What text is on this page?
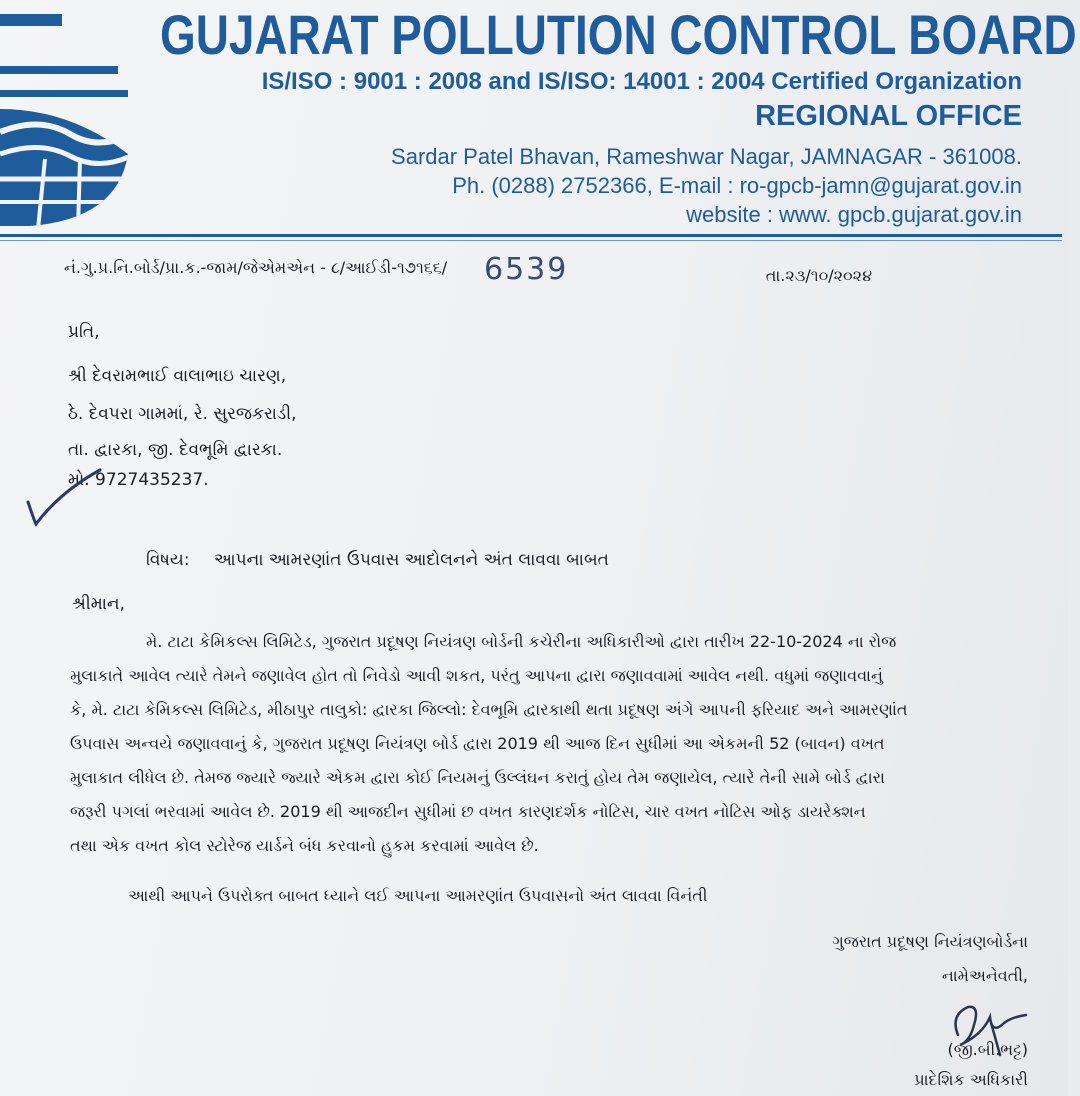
GUJARAT POLLUTION CONTROL BOARD
IS/ISO : 9001 : 2008 and IS/ISO: 14001 : 2004 Certified Organization
REGIONAL OFFICE
Sardar Patel Bhavan, Rameshwar Nagar, JAMNAGAR - 361008.
Ph. (0288) 2752366, E-mail : ro-gpcb-jamn@gujarat.gov.in
website : www. gpcb.gujarat.gov.in
નં.ગુ.પ્ર.નિ.બોર્ડ/પ્રા.ક.-જામ/જેએમએન - ૮/આઈડી-૧૭૧૬૬/ 6539	તા.૨૩/૧૦/૨૦૨૪
પ્રતિ,
શ્રી દેવરામભાઈ વાલાભાઇ ચારણ,
ઠે. દેવપરા ગામમાં, રે. સુરજકરાડી,
તા. દ્વારકા, જી. દેવભૂમિ દ્વારકા.
મો. 9727435237.
વિષય: આપના આમરણાંત ઉપવાસ આદોલનને અંત લાવવા બાબત
શ્રીમાન,
મે. ટાટા કેમિકલ્સ લિમિટેડ, ગુજરાત પ્રદૂષણ નિયંત્રણ બોર્ડની કચેરીના અધિકારીઓ દ્વારા તારીખ 22-10-2024 ના રોજ
મુલાકાતે આવેલ ત્યારે તેમને જણાવેલ હોત તો નિવેડો આવી શકત, પરંતુ આપના દ્વારા જણાવવામાં આવેલ નથી. વધુમાં જણાવવાનું
કે, મે. ટાટા કેમિકલ્સ લિમિટેડ, મીઠાપુર તાલુકો: દ્વારકા જિલ્લો: દેવભૂમિ દ્વારકાથી થતા પ્રદૂષણ અંગે આપની ફરિયાદ અને આમરણાંત
ઉપવાસ અન્વયે જણાવવાનું કે, ગુજરાત પ્રદૂષણ નિયંત્રણ બોર્ડ દ્વારા 2019 થી આજ દિન સુધીમાં આ એકમની 52 (બાવન) વખત
મુલાકાત લીધેલ છે. તેમજ જ્યારે જ્યારે એકમ દ્વારા કોઈ નિયમનું ઉલ્લંઘન કરાતું હોય તેમ જણાયેલ, ત્યારે તેની સામે બોર્ડ દ્વારા
જરૂરી પગલાં ભરવામાં આવેલ છે. 2019 થી આજદીન સુધીમાં છ વખત કારણદર્શક નોટિસ, ચાર વખત નોટિસ ઓફ ડાયરેક્શન
તથા એક વખત કોલ સ્ટોરેજ યાર્ડને બંધ કરવાનો હુકમ કરવામાં આવેલ છે.
આથી આપને ઉપરોક્ત બાબત ધ્યાને લઈ આપના આમરણાંત ઉપવાસનો અંત લાવવા વિનંતી
ગુજરાત પ્રદૂષણ નિયંત્રણબોર્ડના
નામેઅનેવતી,
(જી.બી.ભટ્ટ)
પ્રાદેશિક અધિકારી
